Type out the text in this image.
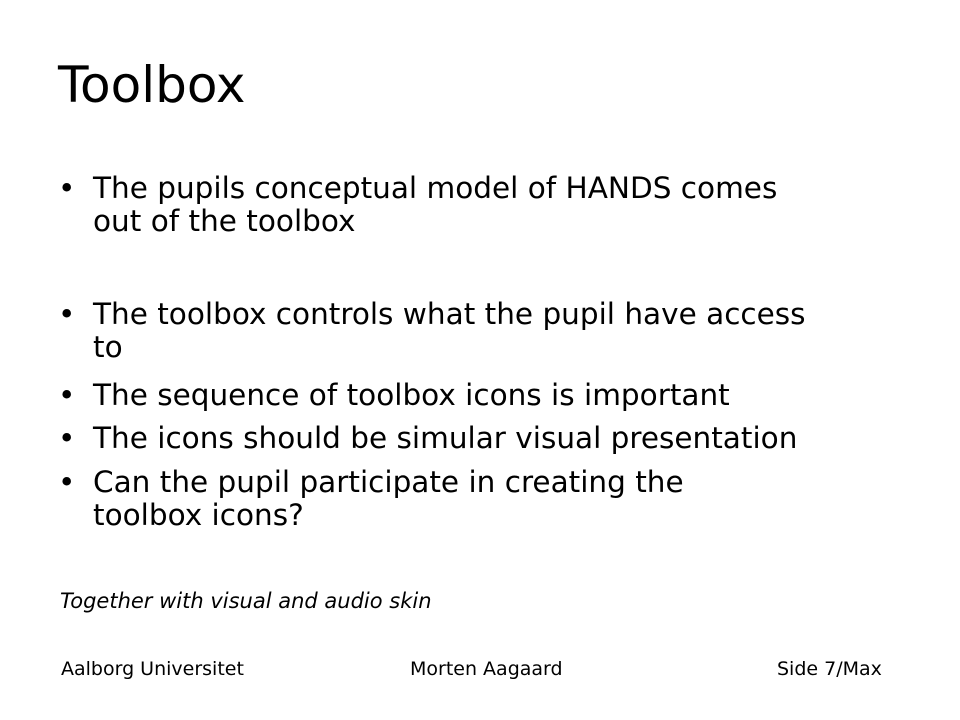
Toolbox
• The pupils conceptual model of HANDS comes
out of the toolbox
• The toolbox controls what the pupil have access
to
• The sequence of toolbox icons is important
• The icons should be simular visual presentation
• Can the pupil participate in creating the
toolbox icons?
Together with visual and audio skin
Aalborg Universitet	Morten Aagaard	Side 7/Max
